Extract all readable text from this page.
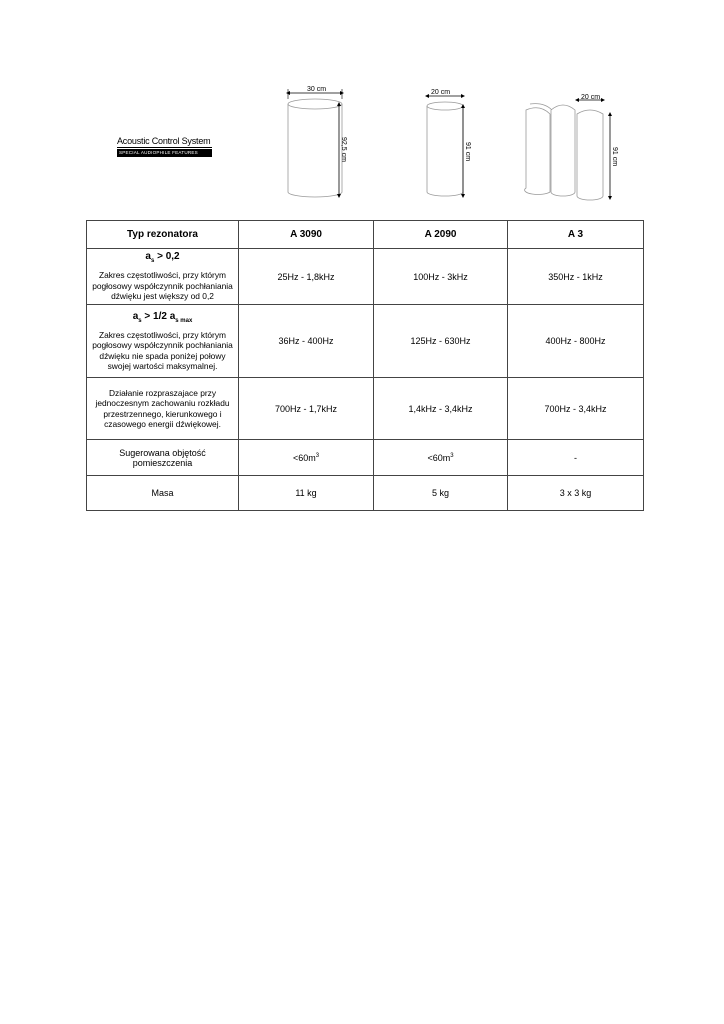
Acoustic Control System
SPECIAL AUDIOPHILE FEATURES
30 cm
92,5 cm
20 cm
91 cm
20 cm
91 cm
Typ rezonatora	A 3090	A 2090	A 3

$a_s > 0,2$
Zakres częstotliwości, przy którym pogłosowy współczynnik pochłaniania dźwięku jest większy od 0,2	25Hz - 1,8kHz	100Hz - 3kHz	350Hz - 1kHz

$a_s > 1/2$ $a_{s max}$
Zakres częstotliwości, przy którym pogłosowy współczynnik pochłaniania dźwięku nie spada poniżej połowy swojej wartości maksymalnej.	36Hz - 400Hz	125Hz - 630Hz	400Hz - 800Hz

Działanie rozpraszajace przy jednoczesnym zachowaniu rozkładu przestrzennego, kierunkowego i czasowego energii dźwiękowej.	700Hz - 1,7kHz	1,4kHz - 3,4kHz	700Hz - 3,4kHz
Sugerowana objętość pomieszczenia	$<60m^3$	$<60m^3$	-
Masa	11 kg	5 kg	3 x 3 kg
